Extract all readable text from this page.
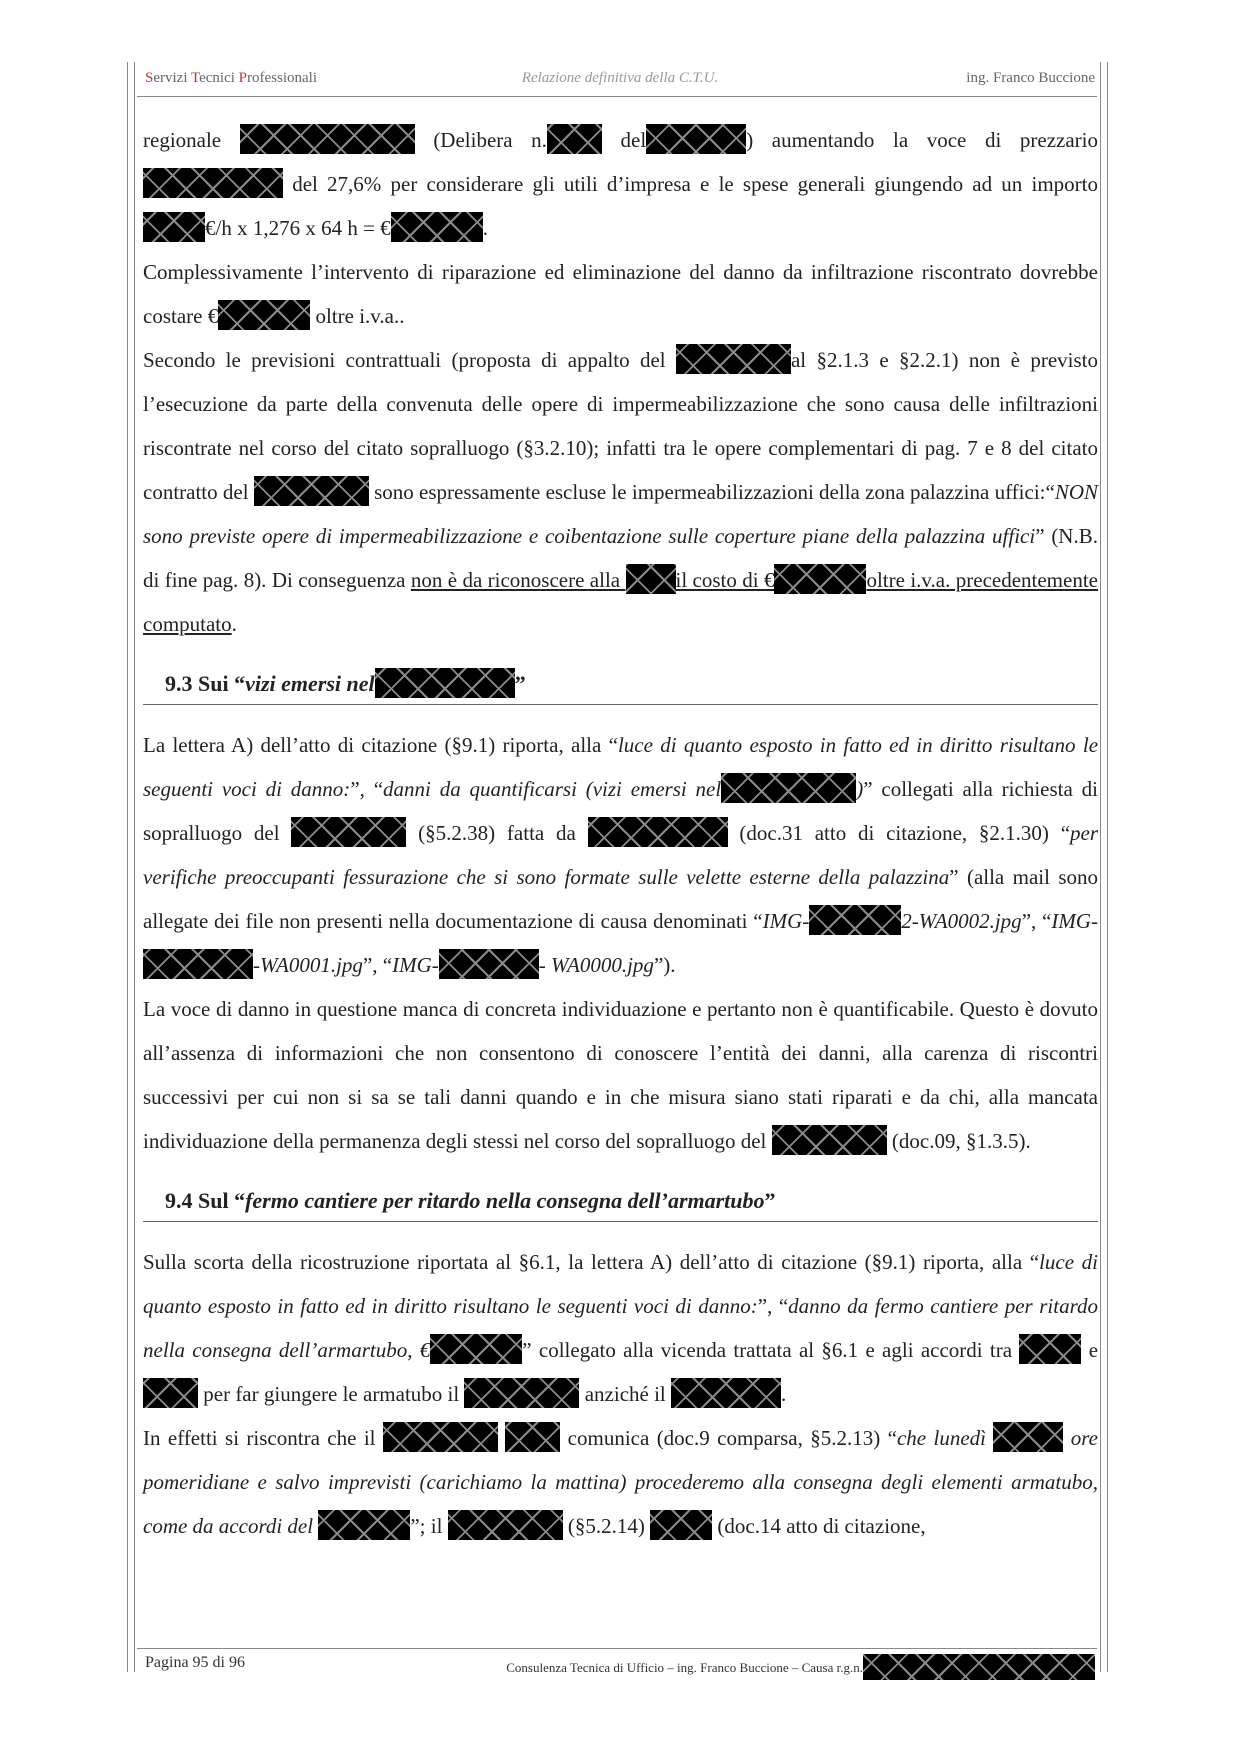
Servizi Tecnici Professionali	Relazione definitiva della C.T.U.	ing. Franco Buccione

regionale	(Delibera n.	del	) aumentando la voce di prezzario  del 27,6% per considerare gli utili d’impresa e le spese generali giungendo ad un importo €/h x 1,276 x 64 h = €	.

Complessivamente l’intervento di riparazione ed eliminazione del danno da infiltrazione riscontrato dovrebbe costare €	oltre i.v.a..

Secondo le previsioni contrattuali (proposta di appalto del	al §2.1.3 e §2.2.1) non è previsto l’esecuzione da parte della convenuta delle opere di impermeabilizzazione che sono causa delle infiltrazioni riscontrate nel corso del citato sopralluogo (§3.2.10); infatti tra le opere complementari di pag. 7 e 8 del citato contratto del	sono espressamente escluse le impermeabilizzazioni della zona palazzina uffici:“NON sono previste opere di impermeabilizzazione e coibentazione sulle coperture piane della palazzina uffici” (N.B. di fine pag. 8). Di conseguenza non è da riconoscere alla	il costo di €	oltre i.v.a. precedentemente computato.

9.3 Sui “vizi emersi nel	”

La lettera A) dell’atto di citazione (§9.1) riporta, alla “luce di quanto esposto in fatto ed in diritto risultano le seguenti voci di danno:”, “danni da quantificarsi (vizi emersi nel	)” collegati alla richiesta di sopralluogo del	(§5.2.38) fatta da	(doc.31 atto di citazione, §2.1.30) “per verifiche preoccupanti fessurazione che si sono formate sulle velette esterne della palazzina” (alla mail sono allegate dei file non presenti nella documentazione di causa denominati “IMG-	2-WA0002.jpg”, “IMG--WA0001.jpg”, “IMG-	- WA0000.jpg”).

La voce di danno in questione manca di concreta individuazione e pertanto non è quantificabile. Questo è dovuto all’assenza di informazioni che non consentono di conoscere l’entità dei danni, alla carenza di riscontri successivi per cui non si sa se tali danni quando e in che misura siano stati riparati e da chi, alla mancata individuazione della permanenza degli stessi nel corso del sopralluogo del	(doc.09, §1.3.5).

9.4 Sul “fermo cantiere per ritardo nella consegna dell’armartubo”

Sulla scorta della ricostruzione riportata al §6.1, la lettera A) dell’atto di citazione (§9.1) riporta, alla “luce di quanto esposto in fatto ed in diritto risultano le seguenti voci di danno:”, “danno da fermo cantiere per ritardo nella consegna dell’armartubo, €	” collegato alla vicenda trattata al §6.1 e agli accordi tra	e  per far giungere le armatubo il	anziché il	.

In effetti si riscontra che il	comunica (doc.9 comparsa, §5.2.13) “che lunedì	ore pomeridiane e salvo imprevisti (carichiamo la mattina) procederemo alla consegna degli elementi armatubo, come da accordi del	”; il	(§5.2.14)	(doc.14 atto di citazione,

Pagina 95 di 96	Consulenza Tecnica di Ufficio – ing. Franco Buccione – Causa r.g.n.
